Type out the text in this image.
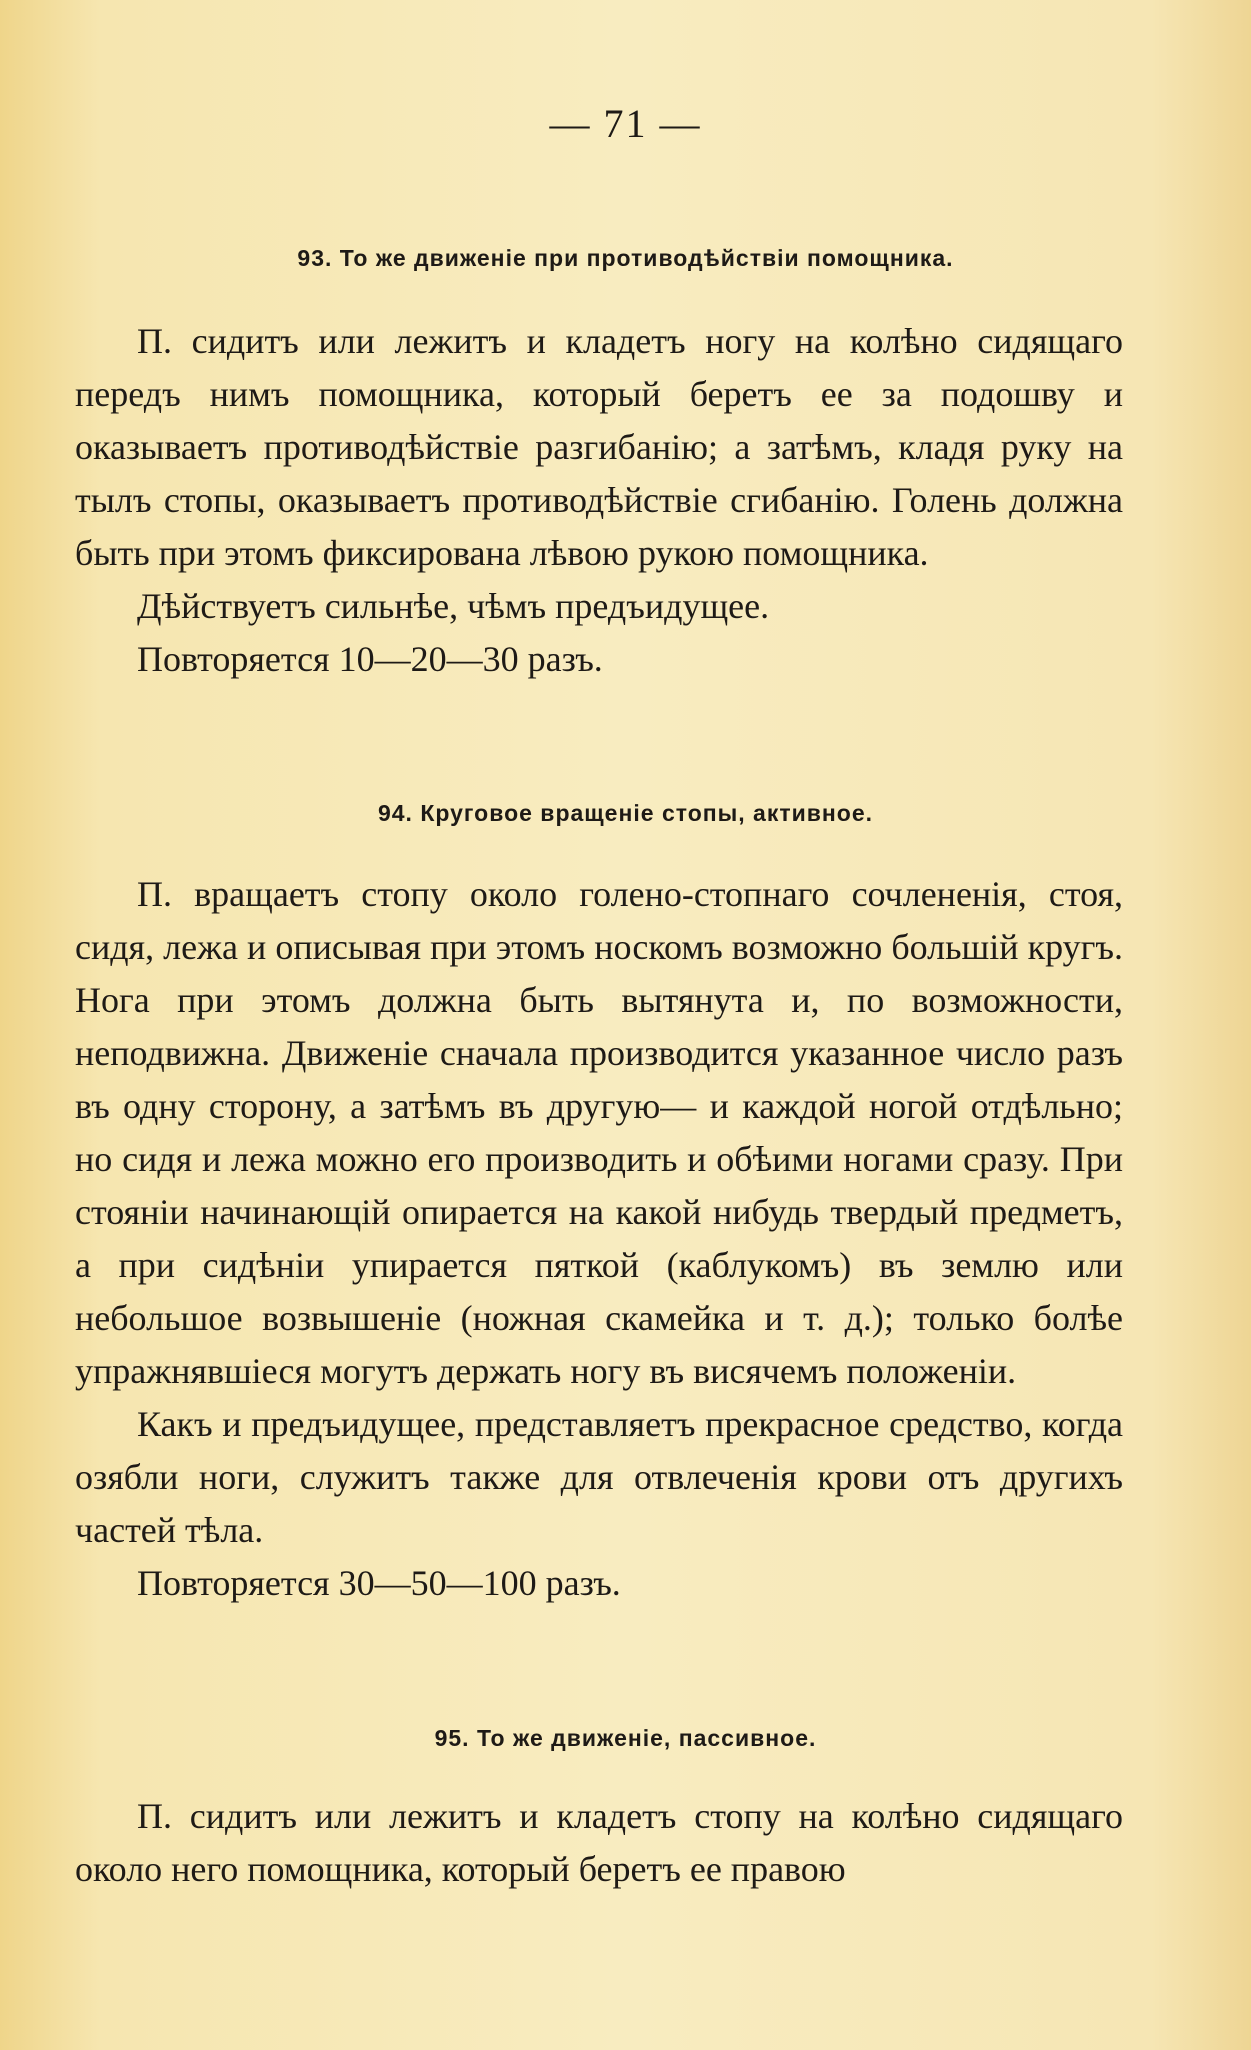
— 71 —
93. То же движеніе при противодѣйствіи помощника.

П. сидитъ или лежитъ и кладетъ ногу на колѣно сидящаго передъ нимъ помощника, который беретъ ее за подошву и оказываетъ противодѣйствіе разгибанію; а затѣмъ, кладя руку на тылъ стопы, оказываетъ противодѣйствіе сгибанію. Голень должна быть при этомъ фиксирована лѣвою рукою помощника.

Дѣйствуетъ сильнѣе, чѣмъ предъидущее.

Повторяется 10—20—30 разъ.

94. Круговое вращеніе стопы, активное.

П. вращаетъ стопу около голено-стопнаго сочлененія, стоя, сидя, лежа и описывая при этомъ носкомъ возможно большій кругъ. Нога при этомъ должна быть вытянута и, по возможности, неподвижна. Движеніе сначала производится указанное число разъ въ одну сторону, а затѣмъ въ другую— и каждой ногой отдѣльно; но сидя и лежа можно его производить и обѣими ногами сразу. При стояніи начинающій опирается на какой нибудь твердый предметъ, а при сидѣніи упирается пяткой (каблукомъ) въ землю или небольшое возвышеніе (ножная скамейка и т. д.); только болѣе упражнявшіеся могутъ держать ногу въ висячемъ положеніи.

Какъ и предъидущее, представляетъ прекрасное средство, когда озябли ноги, служитъ также для отвлеченія крови отъ другихъ частей тѣла.

Повторяется 30—50—100 разъ.

95. То же движеніе, пассивное.

П. сидитъ или лежитъ и кладетъ стопу на колѣно сидящаго около него помощника, который беретъ ее правою
